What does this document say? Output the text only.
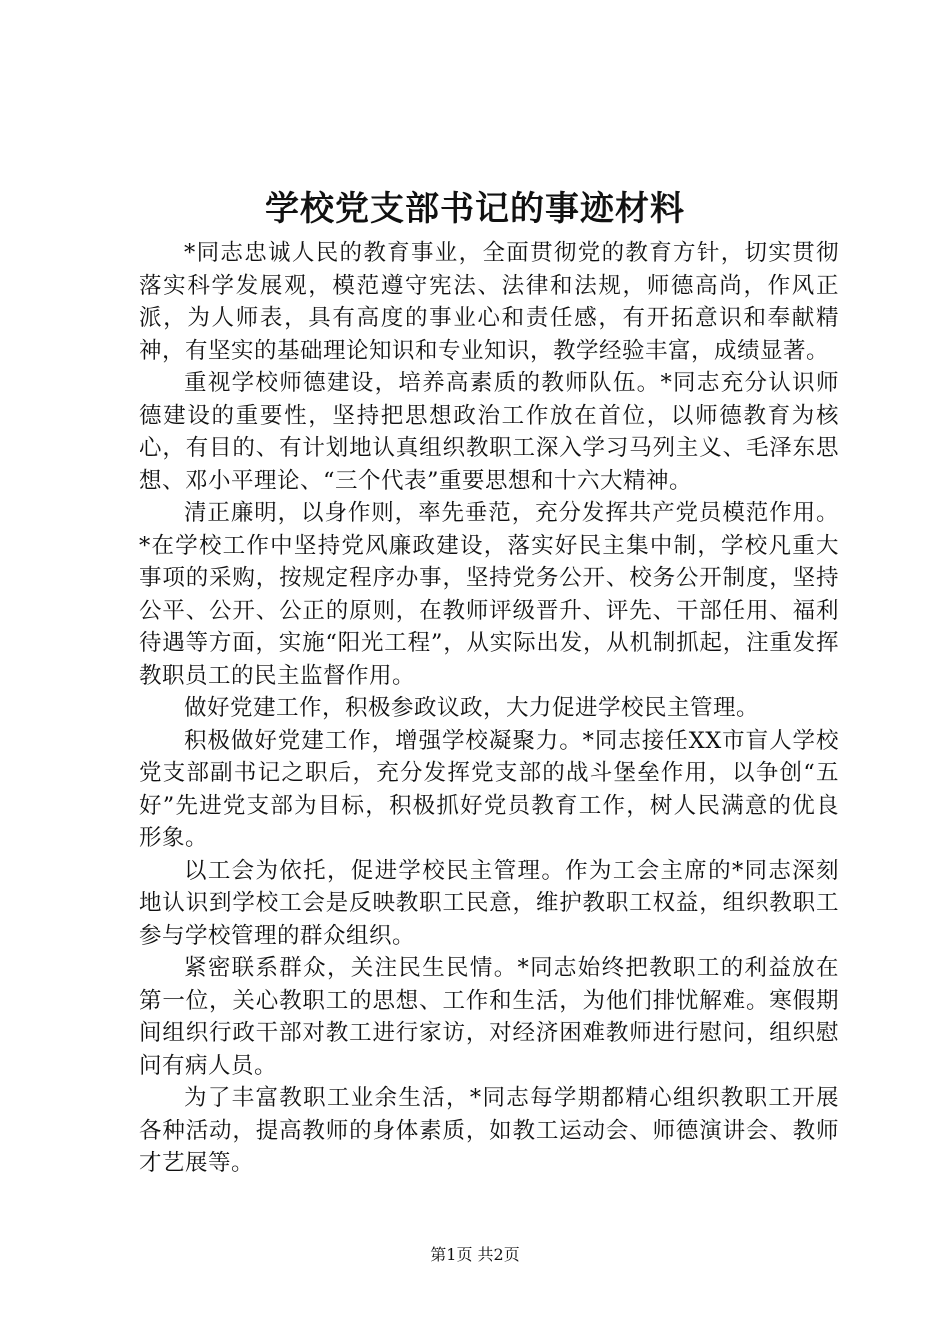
学校党支部书记的事迹材料

*同志忠诚人民的教育事业，全面贯彻党的教育方针，切实贯彻落实科学发展观，模范遵守宪法、法律和法规，师德高尚，作风正派，为人师表，具有高度的事业心和责任感，有开拓意识和奉献精神，有坚实的基础理论知识和专业知识，教学经验丰富，成绩显著。

重视学校师德建设，培养高素质的教师队伍。*同志充分认识师德建设的重要性，坚持把思想政治工作放在首位，以师德教育为核心，有目的、有计划地认真组织教职工深入学习马列主义、毛泽东思想、邓小平理论、“三个代表”重要思想和十六大精神。

清正廉明，以身作则，率先垂范，充分发挥共产党员模范作用。*在学校工作中坚持党风廉政建设，落实好民主集中制，学校凡重大事项的采购，按规定程序办事，坚持党务公开、校务公开制度，坚持公平、公开、公正的原则，在教师评级晋升、评先、干部任用、福利待遇等方面，实施“阳光工程”，从实际出发，从机制抓起，注重发挥教职员工的民主监督作用。

做好党建工作，积极参政议政，大力促进学校民主管理。

积极做好党建工作，增强学校凝聚力。*同志接任XX市盲人学校党支部副书记之职后，充分发挥党支部的战斗堡垒作用，以争创“五好”先进党支部为目标，积极抓好党员教育工作，树人民满意的优良形象。

以工会为依托，促进学校民主管理。作为工会主席的*同志深刻地认识到学校工会是反映教职工民意，维护教职工权益，组织教职工参与学校管理的群众组织。

紧密联系群众，关注民生民情。*同志始终把教职工的利益放在第一位，关心教职工的思想、工作和生活，为他们排忧解难。寒假期间组织行政干部对教工进行家访，对经济困难教师进行慰问，组织慰问有病人员。

为了丰富教职工业余生活，*同志每学期都精心组织教职工开展各种活动，提高教师的身体素质，如教工运动会、师德演讲会、教师才艺展等。

第1页 共2页
